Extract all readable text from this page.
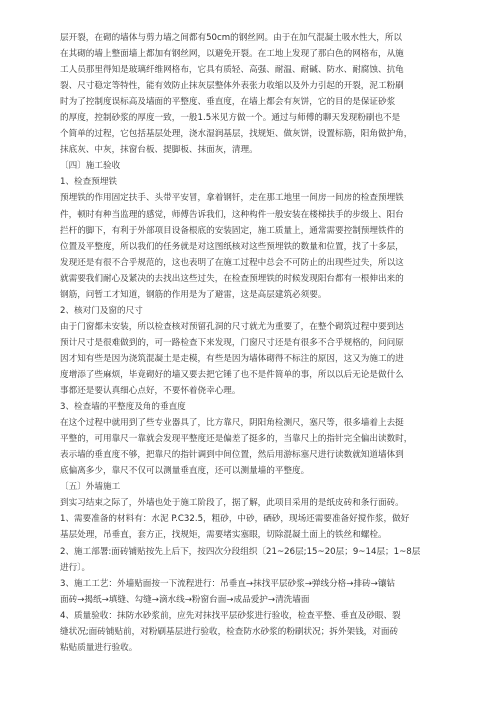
层开裂，在砌的墙体与剪力墙之间都有50cm的钢丝网。由于在加气混凝土吸水性大，所以
在其砌的墙上整面墙上都加有钢丝网，以避免开裂。在工地上发现了那白色的网格布，从施
工人员那里得知是玻璃纤维网格布，它具有质轻、高强、耐温、耐碱、防水、耐腐蚀、抗龟
裂、尺寸稳定等特性，能有效防止抹灰层整体外表张力收缩以及外力引起的开裂，泥工粉刷
时为了控制度误标高及墙面的平整度、垂直度，在墙上都会有灰饼，它的目的是保证砂浆
的厚度，控制砂浆的厚度一致，一般1.5米见方做一个。通过与师傅的聊天发现粉刷也不是
个简单的过程，它包括基层处理，浇水湿润基层，找规矩、做灰饼，设置标筋，阳角做护角，
抹底灰、中灰，抹窗台板、提脚板、抹面灰，清理。
〔四〕施工验收
1、检查预埋铁
预埋铁的作用固定扶手、头带平安冒，拿着钢钎，走在那工地里一间房一间房的检查预埋铁
件，顿时有种当监理的感觉，师傅告诉我们，这种构件一般安装在楼梯扶手的步级上、阳台
拦杆的脚下，有利于外部项目设备根底的安装固定，施工质量上，通常需要控制预埋铁件的
位置及平整度，所以我们的任务就是对这图纸核对这些预埋铁的数量和位置，找了十多层，
发现还是有很不合乎规范的，这也表明了在施工过程中总会不可防止的出现些过失，所以这
就需要我们耐心及紧决的去找出这些过失，在检查预埋铁的时候发现阳台都有一根伸出来的
钢筋，问暂工才知道，钢筋的作用是为了避雷，这是高层建筑必须要。
2、核对门及窗的尺寸
由于门窗都未安装，所以检查核对预留孔洞的尺寸就尤为重要了，在整个砌筑过程中要到达
预计尺寸是很难做到的，可一路检查下来发现，门窗尺寸还是有很多不合乎规格的，问问原
因才知有些是因为浇筑混凝土是走模，有些是因为墙体砌得不标注的原因，这又为施工的进
度增添了些麻烦，毕竟砌好的墙又要去把它锤了也不是件简单的事，所以以后无论是做什么
事都还是要认真细心点好，不要怀着侥幸心理。
3、检查墙的平整度及角的垂直度
在这个过程中就用到了些专业器具了，比方靠尺，阴阳角检测尺，塞尺等，很多墙着上去挺
平整的，可用靠尺一靠就会发现平整度还是偏差了挺多的，当靠尺上的指针完全偏出读数时，
表示墙的垂直度不够，把靠尺的指针调到中间位置，然后用游标塞尺进行读数就知道墙体到
底偏离多少，靠尺不仅可以测量垂直度，还可以测量墙的平整度。
〔五〕外墙施工
到实习结束之际了，外墙也处于施工阶段了，据了解，此项目采用的是纸皮砖和条行面砖。
1、需要准备的材料有：水泥 P.C32.5，粗砂，中砂，硒砂，现场还需要准备好搅作浆，做好
基层处理，吊垂直，套方正，找规矩，需要堵实塞眼，切除混凝土面上的铁丝和螺栓。
2、施工部署:面砖铺贴按先上后下，按四次分段组织〔21~26层;15~20层；9~14层；1~8层
进行〕。
3、施工工艺：外墙贴面按一下流程进行：吊垂直→抹找平层砂浆→弹线分格→排砖→镶钻
面砖→揭纸→填缝、勾缝→滴水线→粉窗台面→成品爱护→清洗墙面
4、质量验收：抹防水砂浆前，应先对抹找平层砂浆进行验收，检查平整、垂直及砂眼、裂
缝状况;面砖铺贴前，对粉刷基层进行验收，检查防水砂浆的粉刷状况；拆外架钱，对面砖
粘贴质量进行验收。
